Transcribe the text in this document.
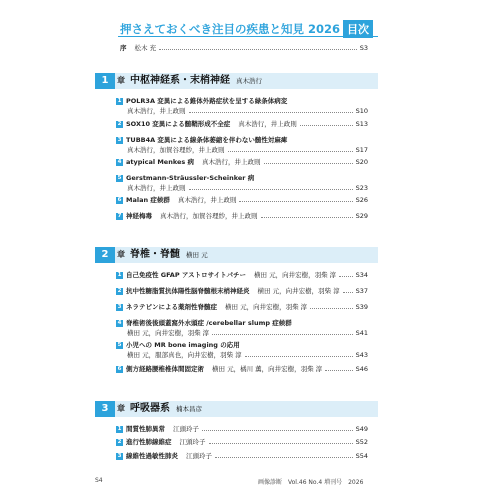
押さえておくべき注目の疾患と知見 2026 目次
序 松木 充	S3
1	章 中枢神経系・末梢神経 真木浩行
1 POLR3A 変異による錐体外路症状を呈する緑条体病変
真木浩行，井上政則	S10
2 SOX10 変異による髄鞘形成不全症 真木浩行，井上政則	S13
3 TUBB4A 変異による線条体萎縮を伴わない髄性対麻痺
真木浩行，加賀谷理紗，井上政則	S17
4 atypical Menkes 病 真木浩行，井上政則	S20
5 Gerstmann-Sträussler-Scheinker 病
真木浩行，井上政則	S23
6 Malan 症候群 真木浩行，井上政則	S26
7 神経梅毒 真木浩行，加賀谷理紗，井上政則	S29
2	章 脊椎・脊髄 横田 元
1 自己免疫性 GFAP アストロサイトパチー 横田 元，向井宏樹，羽柴 淳	S34
2 抗中性糖脂質抗体陽性脳脊髄根末梢神経炎 横田 元，向井宏樹，羽柴 淳 S37
3 ネラテピンによる薬剤性脊髄症 横田 元，向井宏樹，羽柴 淳	S39
4 脊椎術後後頭蓋窩外水頭症 /cerebellar slump 症候群
横田 元，向井宏樹，羽柴 淳	S41
5 小児への MR bone imaging の応用
横田 元，服部真也，向井宏樹，羽柴 淳	S43
6 側方経路腰椎椎体間固定術 横田 元，橘川 薫，向井宏樹，羽柴 淳	S46
3	章 呼吸器系 楠本昌彦
1 間質性肺異常 江頭玲子	S49
2 進行性肺線維症 江頭玲子	S52
3 線維性過敏性肺炎 江頭玲子	S54
S4	画像診断　Vol.46 No.4 増刊号　2026
